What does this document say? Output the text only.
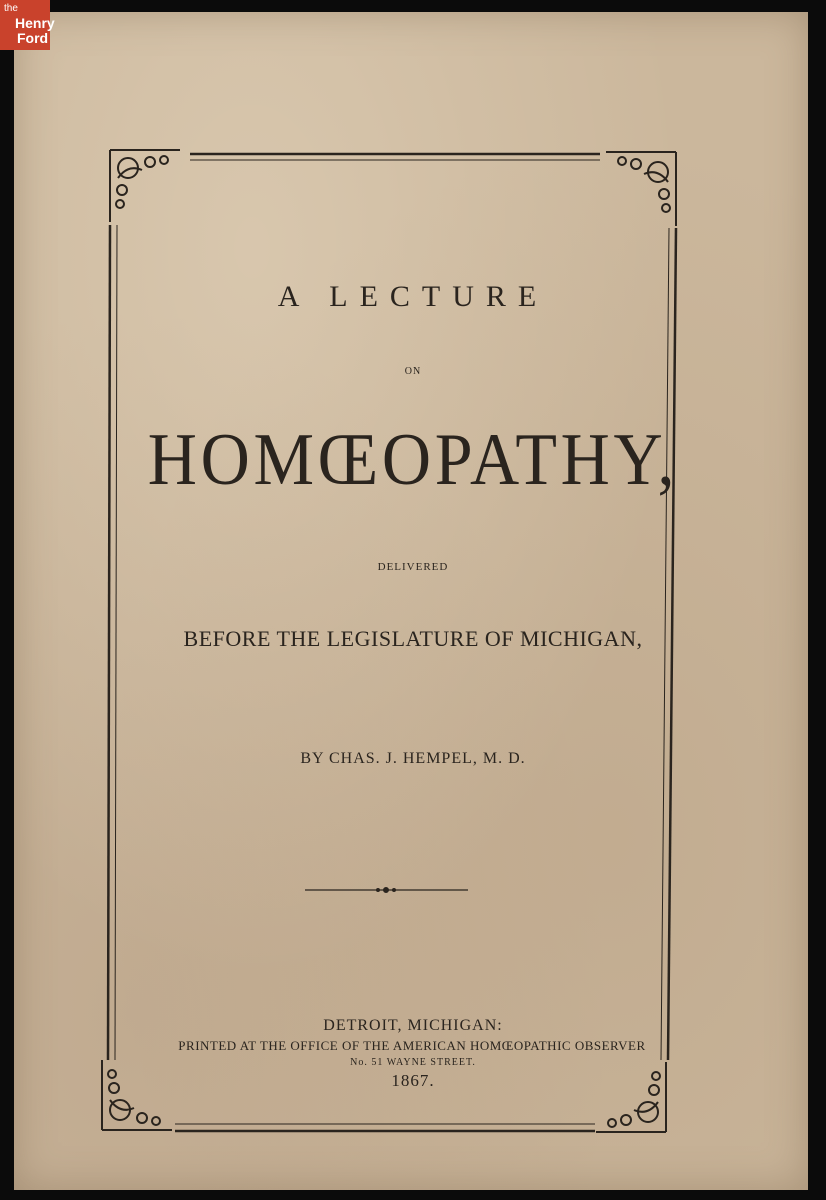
the
Henry
Ford
A LECTURE
ON
HOMŒOPATHY,
DELIVERED
BEFORE THE LEGISLATURE OF MICHIGAN,
BY CHAS. J. HEMPEL, M. D.
DETROIT, MICHIGAN:
PRINTED AT THE OFFICE OF THE AMERICAN HOMŒOPATHIC OBSERVER
No. 51 WAYNE STREET.
1867.
